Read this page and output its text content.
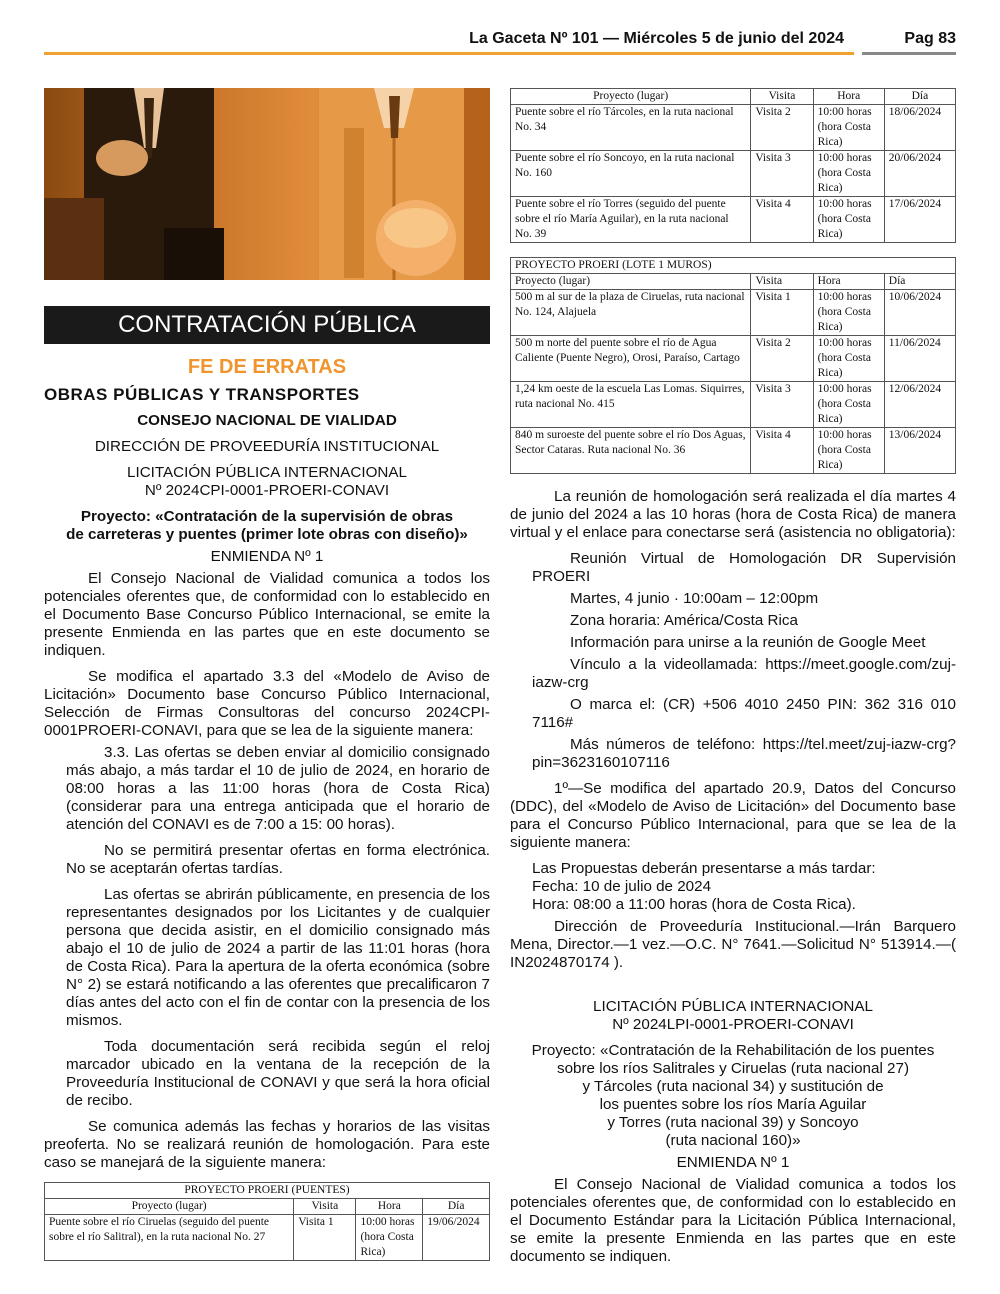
La Gaceta Nº 101 — Miércoles 5 de junio del 2024	Pag 83
CONTRATACIÓN PÚBLICA
FE DE ERRATAS
OBRAS PÚBLICAS Y TRANSPORTES
CONSEJO NACIONAL DE VIALIDAD
DIRECCIÓN DE PROVEEDURÍA INSTITUCIONAL
LICITACIÓN PÚBLICA INTERNACIONAL
Nº 2024CPI-0001-PROERI-CONAVI
Proyecto: «Contratación de la supervisión de obras
de carreteras y puentes (primer lote obras con diseño)»
ENMIENDA Nº 1

El Consejo Nacional de Vialidad comunica a todos los potenciales oferentes que, de conformidad con lo establecido en el Documento Base Concurso Público Internacional, se emite la presente Enmienda en las partes que en este documento se indiquen.

Se modifica el apartado 3.3 del «Modelo de Aviso de Licitación» Documento base Concurso Público Internacional, Selección de Firmas Consultoras del concurso 2024CPI-0001PROERI-CONAVI, para que se lea de la siguiente manera:

3.3. Las ofertas se deben enviar al domicilio consignado más abajo, a más tardar el 10 de julio de 2024, en horario de 08:00 horas a las 11:00 horas (hora de Costa Rica) (considerar para una entrega anticipada que el horario de atención del CONAVI es de 7:00 a 15: 00 horas).

No se permitirá presentar ofertas en forma electrónica. No se aceptarán ofertas tardías.

Las ofertas se abrirán públicamente, en presencia de los representantes designados por los Licitantes y de cualquier persona que decida asistir, en el domicilio consignado más abajo el 10 de julio de 2024 a partir de las 11:01 horas (hora de Costa Rica). Para la apertura de la oferta económica (sobre N° 2) se estará notificando a las oferentes que precalificaron 7 días antes del acto con el fin de contar con la presencia de los mismos.

Toda documentación será recibida según el reloj marcador ubicado en la ventana de la recepción de la Proveeduría Institucional de CONAVI y que será la hora oficial de recibo.

Se comunica además las fechas y horarios de las visitas preoferta. No se realizará reunión de homologación. Para este caso se manejará de la siguiente manera:

PROYECTO PROERI (PUENTES)			
Proyecto (lugar)	Visita	Hora	Día
Puente sobre el río Ciruelas (seguido del puente sobre el río Salitral), en la ruta nacional No. 27	Visita 1	10:00 horas (hora Costa Rica)	19/06/2024
Proyecto (lugar)	Visita	Hora	Día
Puente sobre el río Tárcoles, en la ruta nacional No. 34	Visita 2	10:00 horas (hora Costa Rica)	18/06/2024
Puente sobre el río Soncoyo, en la ruta nacional No. 160	Visita 3	10:00 horas (hora Costa Rica)	20/06/2024
Puente sobre el río Torres (seguido del puente sobre el río María Aguilar), en la ruta nacional No. 39	Visita 4	10:00 horas (hora Costa Rica)	17/06/2024
PROYECTO PROERI (LOTE 1 MUROS)			
Proyecto (lugar)	Visita	Hora	Día
500 m al sur de la plaza de Ciruelas, ruta nacional No. 124, Alajuela	Visita 1	10:00 horas (hora Costa Rica)	10/06/2024
500 m norte del puente sobre el río de Agua Caliente (Puente Negro), Orosi, Paraíso, Cartago	Visita 2	10:00 horas (hora Costa Rica)	11/06/2024
1,24 km oeste de la escuela Las Lomas. Siquirres, ruta nacional No. 415	Visita 3	10:00 horas (hora Costa Rica)	12/06/2024
840 m suroeste del puente sobre el río Dos Aguas, Sector Cataras. Ruta nacional No. 36	Visita 4	10:00 horas (hora Costa Rica)	13/06/2024

La reunión de homologación será realizada el día martes 4 de junio del 2024 a las 10 horas (hora de Costa Rica) de manera virtual y el enlace para conectarse será (asistencia no obligatoria):

Reunión Virtual de Homologación DR Supervisión PROERI

Martes, 4 junio · 10:00am – 12:00pm

Zona horaria: América/Costa Rica

Información para unirse a la reunión de Google Meet

Vínculo a la videollamada: https://meet.google.com/zuj-iazw-crg

O marca el: (CR) +506 4010 2450 PIN: 362 316 010 7116#

Más números de teléfono: https://tel.meet/zuj-iazw-crg?pin=3623160107116

1º—Se modifica del apartado 20.9, Datos del Concurso (DDC), del «Modelo de Aviso de Licitación» del Documento base para el Concurso Público Internacional, para que se lea de la siguiente manera:

Las Propuestas deberán presentarse a más tardar:

Fecha: 10 de julio de 2024

Hora: 08:00 a 11:00 horas (hora de Costa Rica).

Dirección de Proveeduría Institucional.—Irán Barquero Mena, Director.—1 vez.—O.C. N° 7641.—Solicitud N° 513914.—( IN2024870174 ).

LICITACIÓN PÚBLICA INTERNACIONAL
Nº 2024LPI-0001-PROERI-CONAVI
Proyecto: «Contratación de la Rehabilitación de los puentes
sobre los ríos Salitrales y Ciruelas (ruta nacional 27)
y Tárcoles (ruta nacional 34) y sustitución de
los puentes sobre los ríos María Aguilar
y Torres (ruta nacional 39) y Soncoyo
(ruta nacional 160)»
ENMIENDA Nº 1

El Consejo Nacional de Vialidad comunica a todos los potenciales oferentes que, de conformidad con lo establecido en el Documento Estándar para la Licitación Pública Internacional, se emite la presente Enmienda en las partes que en este documento se indiquen.
